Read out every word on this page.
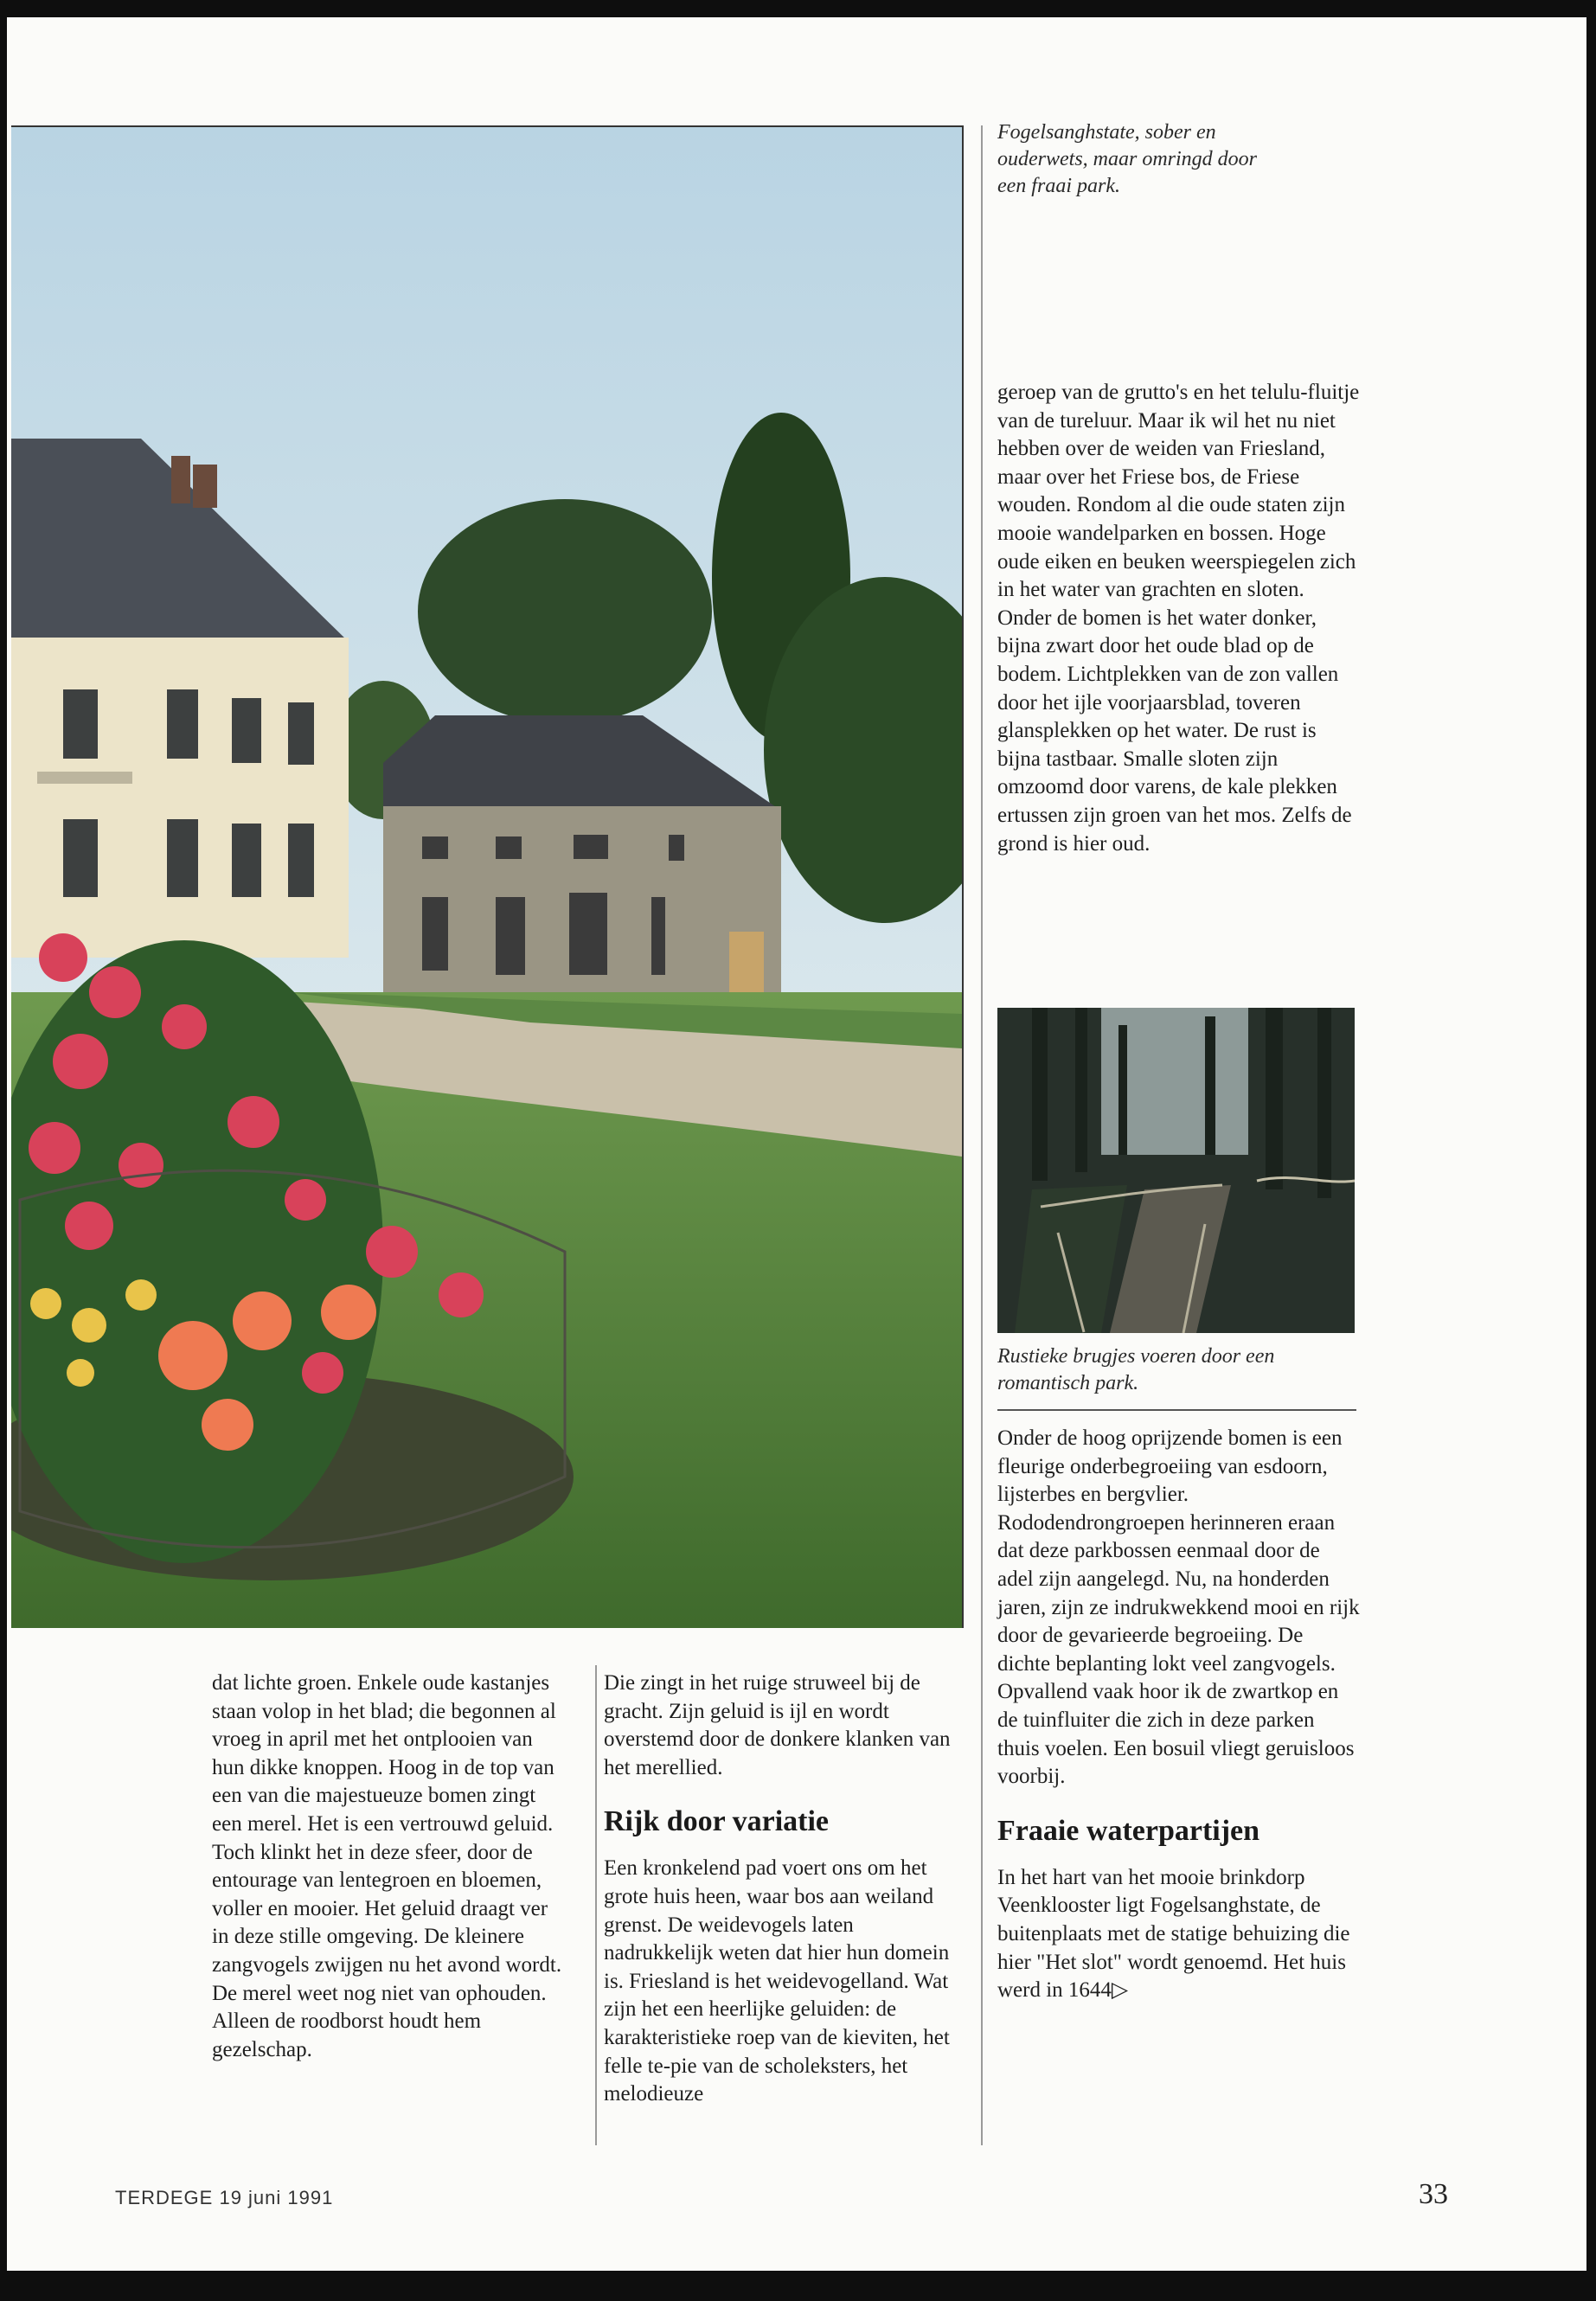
Fogelsanghstate, sober en ouderwets, maar omringd door een fraai park.

dat lichte groen. Enkele oude kastanjes staan volop in het blad; die begonnen al vroeg in april met het ontplooien van hun dikke knoppen. Hoog in de top van een van die majestueuze bomen zingt een merel. Het is een vertrouwd geluid. Toch klinkt het in deze sfeer, door de entourage van lentegroen en bloemen, voller en mooier. Het geluid draagt ver in deze stille omgeving. De kleinere zangvogels zwijgen nu het avond wordt. De merel weet nog niet van ophouden. Alleen de roodborst houdt hem gezelschap.

Die zingt in het ruige struweel bij de gracht. Zijn geluid is ijl en wordt overstemd door de donkere klanken van het merellied.

Rijk door variatie

Een kronkelend pad voert ons om het grote huis heen, waar bos aan weiland grenst. De weidevogels laten nadrukkelijk weten dat hier hun domein is. Friesland is het weidevogelland. Wat zijn het een heerlijke geluiden: de karakteristieke roep van de kieviten, het felle te-pie van de scholeksters, het melodieuze

geroep van de grutto's en het telulu-fluitje van de tureluur. Maar ik wil het nu niet hebben over de weiden van Friesland, maar over het Friese bos, de Friese wouden. Rondom al die oude staten zijn mooie wandelparken en bossen. Hoge oude eiken en beuken weerspiegelen zich in het water van grachten en sloten. Onder de bomen is het water donker, bijna zwart door het oude blad op de bodem. Lichtplekken van de zon vallen door het ijle voorjaarsblad, toveren glansplekken op het water. De rust is bijna tastbaar. Smalle sloten zijn omzoomd door varens, de kale plekken ertussen zijn groen van het mos. Zelfs de grond is hier oud.

Rustieke brugjes voeren door een romantisch park.

Onder de hoog oprijzende bomen is een fleurige onderbegroeiing van esdoorn, lijsterbes en bergvlier. Rododendrongroepen herinneren eraan dat deze parkbossen eenmaal door de adel zijn aangelegd. Nu, na honderden jaren, zijn ze indrukwekkend mooi en rijk door de gevarieerde begroeiing. De dichte beplanting lokt veel zangvogels. Opvallend vaak hoor ik de zwartkop en de tuinfluiter die zich in deze parken thuis voelen. Een bosuil vliegt geruisloos voorbij.

Fraaie waterpartijen

In het hart van het mooie brinkdorp Veenklooster ligt Fogelsanghstate, de buitenplaats met de statige behuizing die hier "Het slot" wordt genoemd. Het huis werd in 1644▷

TERDEGE 19 juni 1991	33
